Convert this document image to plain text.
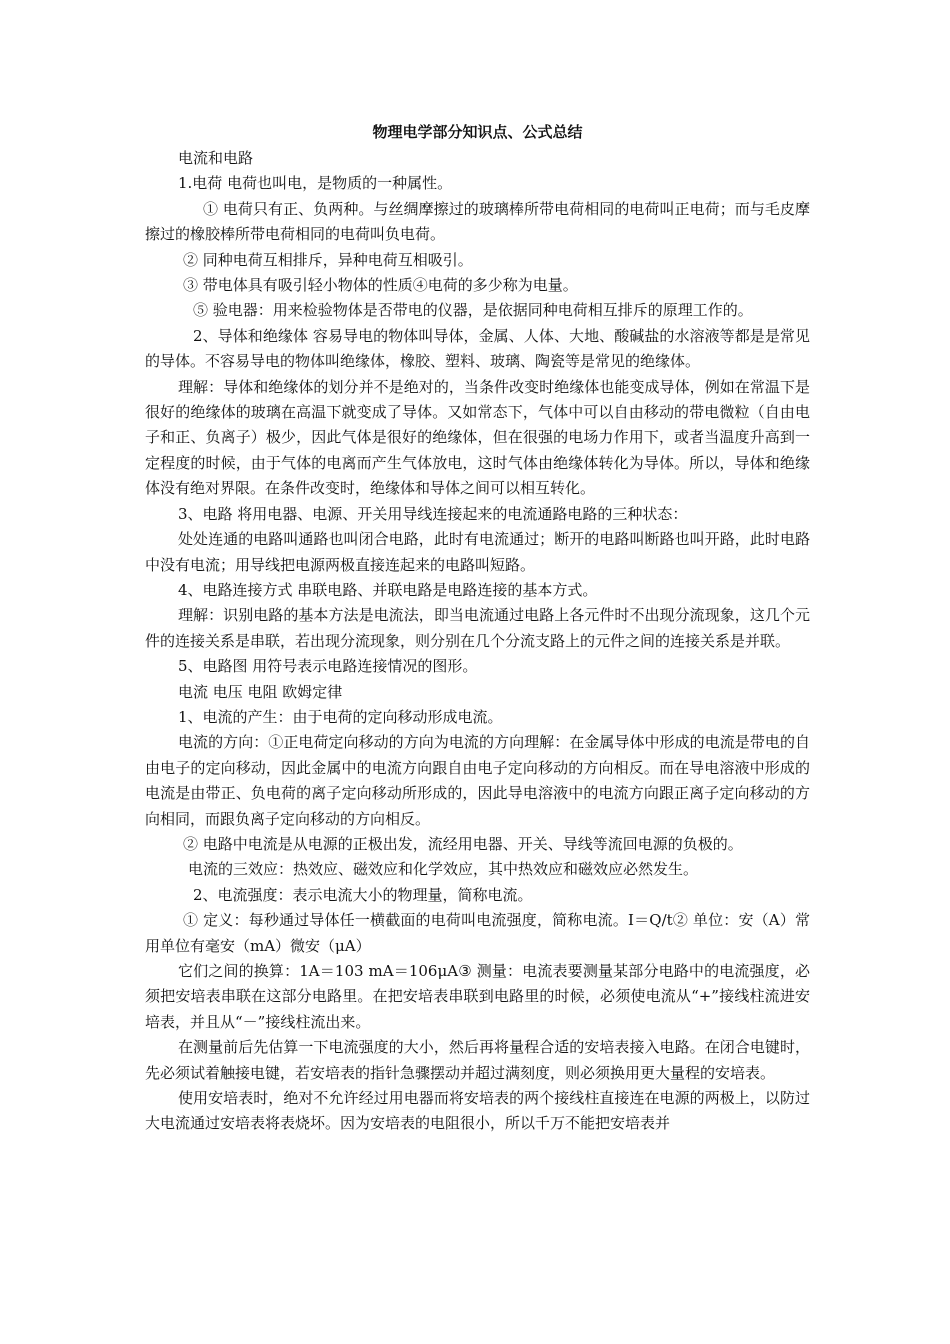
物理电学部分知识点、公式总结

电流和电路

1.电荷 电荷也叫电，是物质的一种属性。

① 电荷只有正、负两种。与丝绸摩擦过的玻璃棒所带电荷相同的电荷叫正电荷；而与毛皮摩擦过的橡胶棒所带电荷相同的电荷叫负电荷。

② 同种电荷互相排斥，异种电荷互相吸引。

③ 带电体具有吸引轻小物体的性质④电荷的多少称为电量。

⑤ 验电器：用来检验物体是否带电的仪器，是依据同种电荷相互排斥的原理工作的。

2、导体和绝缘体 容易导电的物体叫导体，金属、人体、大地、酸碱盐的水溶液等都是是常见的导体。不容易导电的物体叫绝缘体，橡胶、塑料、玻璃、陶瓷等是常见的绝缘体。

理解：导体和绝缘体的划分并不是绝对的，当条件改变时绝缘体也能变成导体，例如在常温下是很好的绝缘体的玻璃在高温下就变成了导体。又如常态下，气体中可以自由移动的带电微粒（自由电子和正、负离子）极少，因此气体是很好的绝缘体，但在很强的电场力作用下，或者当温度升高到一定程度的时候，由于气体的电离而产生气体放电，这时气体由绝缘体转化为导体。所以，导体和绝缘体没有绝对界限。在条件改变时，绝缘体和导体之间可以相互转化。

3、电路 将用电器、电源、开关用导线连接起来的电流通路电路的三种状态：

处处连通的电路叫通路也叫闭合电路，此时有电流通过；断开的电路叫断路也叫开路，此时电路中没有电流；用导线把电源两极直接连起来的电路叫短路。

4、电路连接方式 串联电路、并联电路是电路连接的基本方式。

理解：识别电路的基本方法是电流法，即当电流通过电路上各元件时不出现分流现象，这几个元件的连接关系是串联，若出现分流现象，则分别在几个分流支路上的元件之间的连接关系是并联。

5、电路图 用符号表示电路连接情况的图形。

电流 电压 电阻 欧姆定律

1、电流的产生：由于电荷的定向移动形成电流。

电流的方向：①正电荷定向移动的方向为电流的方向理解：在金属导体中形成的电流是带电的自由电子的定向移动，因此金属中的电流方向跟自由电子定向移动的方向相反。而在导电溶液中形成的电流是由带正、负电荷的离子定向移动所形成的，因此导电溶液中的电流方向跟正离子定向移动的方向相同，而跟负离子定向移动的方向相反。

② 电路中电流是从电源的正极出发，流经用电器、开关、导线等流回电源的负极的。

电流的三效应：热效应、磁效应和化学效应，其中热效应和磁效应必然发生。

2、电流强度：表示电流大小的物理量，简称电流。

① 定义：每秒通过导体任一横截面的电荷叫电流强度，简称电流。I＝Q/t② 单位：安（A）常用单位有毫安（mA）微安（μA）

它们之间的换算：1A＝103 mA＝106μA③ 测量：电流表要测量某部分电路中的电流强度，必须把安培表串联在这部分电路里。在把安培表串联到电路里的时候，必须使电流从“+”接线柱流进安培表，并且从“－”接线柱流出来。

在测量前后先估算一下电流强度的大小，然后再将量程合适的安培表接入电路。在闭合电键时，先必须试着触接电键，若安培表的指针急骤摆动并超过满刻度，则必须换用更大量程的安培表。

使用安培表时，绝对不允许经过用电器而将安培表的两个接线柱直接连在电源的两极上，以防过大电流通过安培表将表烧坏。因为安培表的电阻很小，所以千万不能把安培表并
